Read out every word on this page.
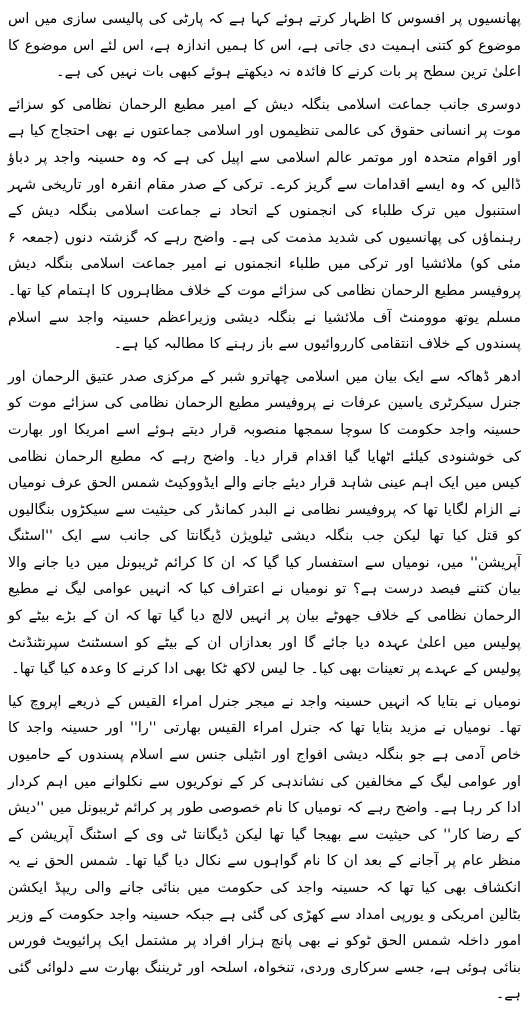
پھانسیوں پر افسوس کا اظہار کرتے ہوئے کہا ہے کہ پارٹی کی پالیسی سازی میں اس موضوع کو کتنی اہمیت دی جاتی ہے، اس کا ہمیں اندازہ ہے، اس لئے اس موضوع کا اعلیٰ ترین سطح پر بات کرنے کا فائدہ نہ دیکھتے ہوئے کبھی بات نہیں کی ہے۔

دوسری جانب جماعت اسلامی بنگلہ دیش کے امیر مطیع الرحمان نظامی کو سزائے موت پر انسانی حقوق کی عالمی تنظیموں اور اسلامی جماعتوں نے بھی احتجاج کیا ہے اور اقوام متحدہ اور موتمر عالم اسلامی سے اپیل کی ہے کہ وہ حسینہ واجد پر دباؤ ڈالیں کہ وہ ایسے اقدامات سے گریز کرے۔ ترکی کے صدر مقام انقرہ اور تاریخی شہر استنبول میں ترک طلباء کی انجمنوں کے اتحاد نے جماعت اسلامی بنگلہ دیش کے رہنماؤں کی پھانسیوں کی شدید مذمت کی ہے۔ واضح رہے کہ گزشتہ دنوں (جمعہ ۶ مئی کو) ملائشیا اور ترکی میں طلباء انجمنوں نے امیر جماعت اسلامی بنگلہ دیش پروفیسر مطیع الرحمان نظامی کی سزائے موت کے خلاف مظاہروں کا اہتمام کیا تھا۔ مسلم یوتھ موومنٹ آف ملائشیا نے بنگلہ دیشی وزیراعظم حسینہ واجد سے اسلام پسندوں کے خلاف انتقامی کارروائیوں سے باز رہنے کا مطالبہ کیا ہے۔

ادھر ڈھاکہ سے ایک بیان میں اسلامی چھاترو شبر کے مرکزی صدر عتیق الرحمان اور جنرل سیکرٹری یاسین عرفات نے پروفیسر مطیع الرحمان نظامی کی سزائے موت کو حسینہ واجد حکومت کا سوچا سمجھا منصوبہ قرار دیتے ہوئے اسے امریکا اور بھارت کی خوشنودی کیلئے اٹھایا گیا اقدام قرار دیا۔ واضح رہے کہ مطیع الرحمان نظامی کیس میں ایک اہم عینی شاہد قرار دیئے جانے والے ایڈووکیٹ شمس الحق عرف نومیاں نے الزام لگایا تھا کہ پروفیسر نظامی نے البدر کمانڈر کی حیثیت سے سیکڑوں بنگالیوں کو قتل کیا تھا لیکن جب بنگلہ دیشی ٹیلویژن ڈیگانتا کی جانب سے ایک ''اسٹنگ آپریشن'' میں، نومیاں سے استفسار کیا گیا کہ ان کا کرائم ٹریبونل میں دیا جانے والا بیان کتنے فیصد درست ہے؟ تو نومیاں نے اعتراف کیا کہ انہیں عوامی لیگ نے مطیع الرحمان نظامی کے خلاف جھوٹے بیان پر انہیں لالچ دیا گیا تھا کہ ان کے بڑے بیٹے کو پولیس میں اعلیٰ عہدہ دیا جائے گا اور بعدازاں ان کے بیٹے کو اسسٹنٹ سپرنٹنڈنٹ پولیس کے عہدے پر تعینات بھی کیا۔ جا لیس لاکھ ٹکا بھی ادا کرنے کا وعدہ کیا گیا تھا۔

نومیاں نے بتایا کہ انہیں حسینہ واجد نے میجر جنرل امراء القیس کے ذریعے اپروچ کیا تھا۔ نومیاں نے مزید بتایا تھا کہ جنرل امراء القیس بھارتی ''را'' اور حسینہ واجد کا خاص آدمی ہے جو بنگلہ دیشی افواج اور انٹیلی جنس سے اسلام پسندوں کے حامیوں اور عوامی لیگ کے مخالفین کی نشاندہی کر کے نوکریوں سے نکلوانے میں اہم کردار ادا کر رہا ہے۔ واضح رہے کہ نومیاں کا نام خصوصی طور پر کرائم ٹریبونل میں ''دیش کے رضا کار'' کی حیثیت سے بھیجا گیا تھا لیکن ڈیگانتا ٹی وی کے اسٹنگ آپریشن کے منظر عام پر آجانے کے بعد ان کا نام گواہوں سے نکال دیا گیا تھا۔ شمس الحق نے یہ انکشاف بھی کیا تھا کہ حسینہ واجد کی حکومت میں بنائی جانے والی ریپڈ ایکشن بٹالین امریکی و یورپی امداد سے کھڑی کی گئی ہے جبکہ حسینہ واجد حکومت کے وزیر امور داخلہ شمس الحق ٹوکو نے بھی پانچ ہزار افراد پر مشتمل ایک پرائیویٹ فورس بنائی ہوئی ہے، جسے سرکاری وردی، تنخواہ، اسلحہ اور ٹریننگ بھارت سے دلوائی گئی ہے۔
